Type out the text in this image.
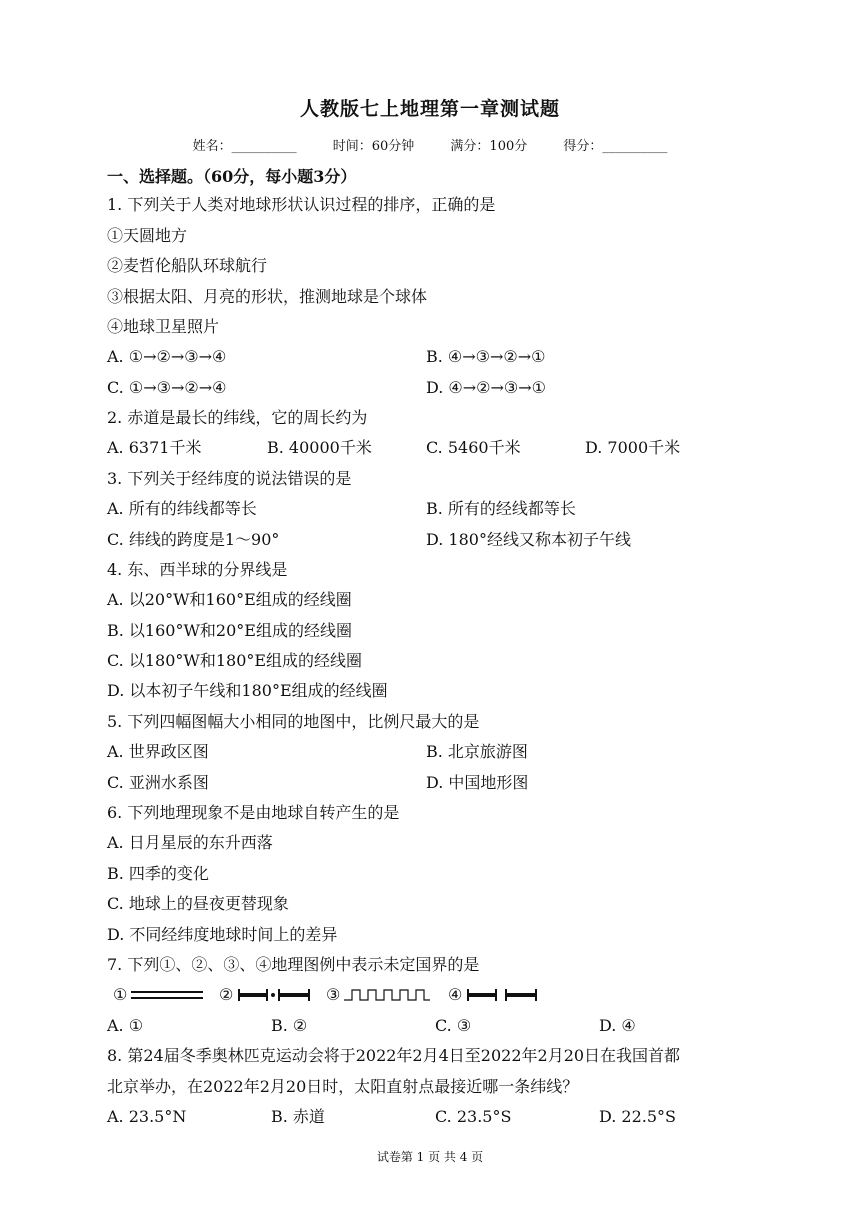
人教版七上地理第一章测试题
姓名：__________	时间：60分钟	满分：100分	得分：__________
一、选择题。（60分，每小题3分）
1. 下列关于人类对地球形状认识过程的排序，正确的是
①天圆地方
②麦哲伦船队环球航行
③根据太阳、月亮的形状，推测地球是个球体
④地球卫星照片
A. ①→②→③→④	B. ④→③→②→①
C. ①→③→②→④	D. ④→②→③→①
2. 赤道是最长的纬线，它的周长约为
A. 6371千米	B. 40000千米	C. 5460千米	D. 7000千米
3. 下列关于经纬度的说法错误的是
A. 所有的纬线都等长	B. 所有的经线都等长
C. 纬线的跨度是1～90°	D. 180°经线又称本初子午线
4. 东、西半球的分界线是
A. 以20°W和160°E组成的经线圈
B. 以160°W和20°E组成的经线圈
C. 以180°W和180°E组成的经线圈
D. 以本初子午线和180°E组成的经线圈
5. 下列四幅图幅大小相同的地图中，比例尺最大的是
A. 世界政区图	B. 北京旅游图
C. 亚洲水系图	D. 中国地形图
6. 下列地理现象不是由地球自转产生的是
A. 日月星辰的东升西落
B. 四季的变化
C. 地球上的昼夜更替现象
D. 不同经纬度地球时间上的差异
7. 下列①、②、③、④地理图例中表示未定国界的是
①	②	③	④
A. ①	B. ②	C. ③	D. ④
8. 第24届冬季奥林匹克运动会将于2022年2月4日至2022年2月20日在我国首都
北京举办，在2022年2月20日时，太阳直射点最接近哪一条纬线？
A. 23.5°N	B. 赤道	C. 23.5°S	D. 22.5°S
试卷第 1 页 共 4 页
